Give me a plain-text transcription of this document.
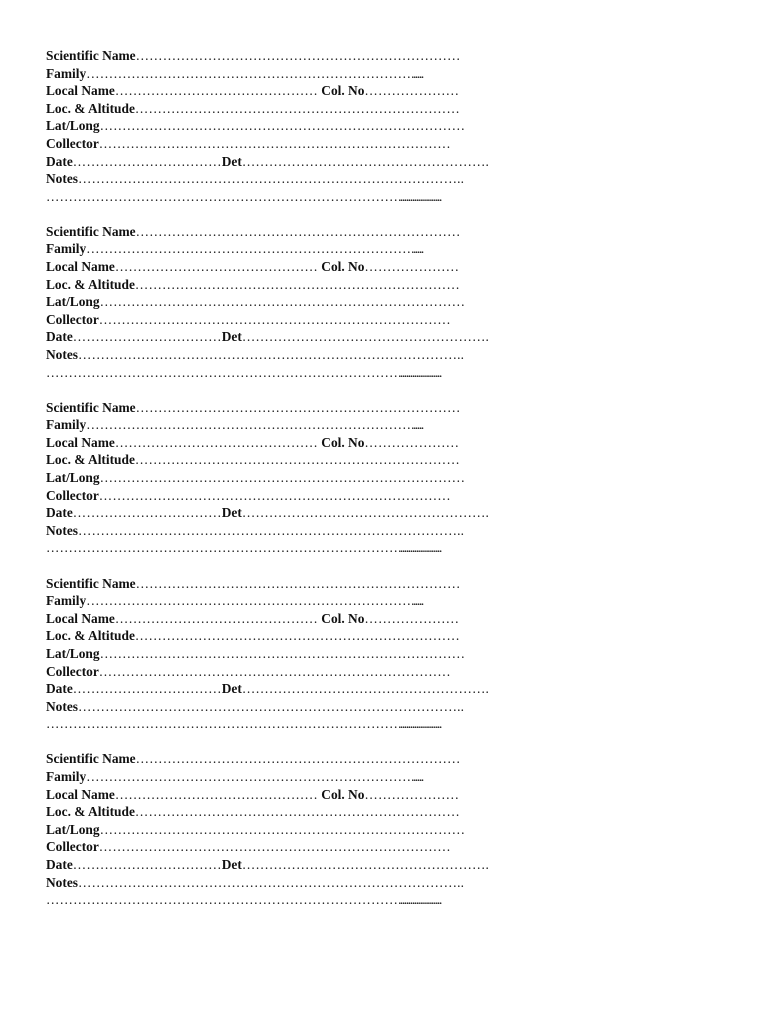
Scientific Name………………………………………………………………
Family………………………………………………………………......
Local Name……………………………………… Col. No…………………
Loc. & Altitude………………………………………………………………
Lat/Long………………………………………………………………………
Collector……………………………………………………………………
Date……………………………Det……………………………………………….
Notes…………………………………………………………………………..
……………………………………………………………………......................
Scientific Name………………………………………………………………
Family………………………………………………………………......
Local Name……………………………………… Col. No…………………
Loc. & Altitude………………………………………………………………
Lat/Long………………………………………………………………………
Collector……………………………………………………………………
Date……………………………Det……………………………………………….
Notes…………………………………………………………………………..
……………………………………………………………………......................
Scientific Name………………………………………………………………
Family………………………………………………………………......
Local Name……………………………………… Col. No…………………
Loc. & Altitude………………………………………………………………
Lat/Long………………………………………………………………………
Collector……………………………………………………………………
Date……………………………Det……………………………………………….
Notes…………………………………………………………………………..
……………………………………………………………………......................
Scientific Name………………………………………………………………
Family………………………………………………………………......
Local Name……………………………………… Col. No…………………
Loc. & Altitude………………………………………………………………
Lat/Long………………………………………………………………………
Collector……………………………………………………………………
Date……………………………Det……………………………………………….
Notes…………………………………………………………………………..
……………………………………………………………………......................
Scientific Name………………………………………………………………
Family………………………………………………………………......
Local Name……………………………………… Col. No…………………
Loc. & Altitude………………………………………………………………
Lat/Long………………………………………………………………………
Collector……………………………………………………………………
Date……………………………Det……………………………………………….
Notes…………………………………………………………………………..
……………………………………………………………………......................
